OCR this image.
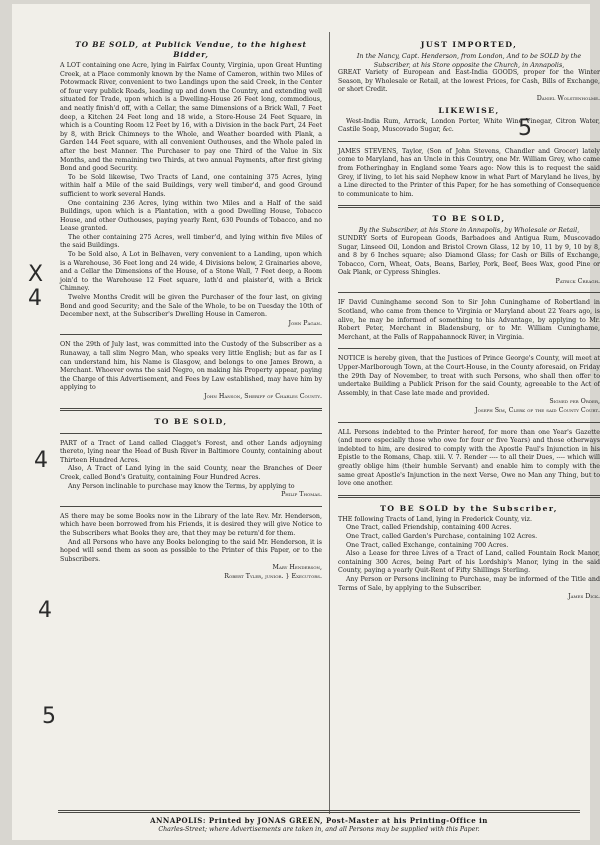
TO BE SOLD, at Publick Vendue, to the highest Bidder,

A LOT containing one Acre, lying in Fairfax County, Virginia, upon Great Hunting Creek, at a Place commonly known by the Name of Cameron, within two Miles of Potowmack River, convenient to two Landings upon the said Creek, in the Center of four very publick Roads, leading up and down the Country, and extending well situated for Trade, upon which is a Dwelling-House 26 Feet long, commodious, and neatly finish'd off, with a Cellar, the same Dimensions of a Brick Wall, 7 Feet deep, a Kitchen 24 Feet long and 18 wide, a Store-House 24 Feet Square, in which is a Counting Room 12 Feet by 16, with a Division in the back Part, 24 Feet by 8, with Brick Chimneys to the Whole, and Weather boarded with Plank, a Garden 144 Feet square, with all convenient Outhouses, and the Whole paled in after the best Manner. The Purchaser to pay one Third of the Value in Six Months, and the remaining two Thirds, at two annual Payments, after first giving Bond and good Security.

To be Sold likewise, Two Tracts of Land, one containing 375 Acres, lying within half a Mile of the said Buildings, very well timber'd, and good Ground sufficient to work several Hands.

One containing 236 Acres, lying within two Miles and a Half of the said Buildings, upon which is a Plantation, with a good Dwelling House, Tobacco House, and other Outhouses, paying yearly Rent, 630 Pounds of Tobacco, and no Lease granted.

The other containing 275 Acres, well timber'd, and lying within five Miles of the said Buildings.

To be Sold also, A Lot in Belhaven, very convenient to a Landing, upon which is a Warehouse, 36 Feet long and 24 wide, 4 Divisions below, 2 Grainaries above, and a Cellar the Dimensions of the House, of a Stone Wall, 7 Feet deep, a Room join'd to the Warehouse 12 Feet square, lath'd and plaister'd, with a Brick Chimney.

Twelve Months Credit will be given the Purchaser of the four last, on giving Bond and good Security; and the Sale of the Whole, to be on Tuesday the 10th of December next, at the Subscriber's Dwelling House in Cameron.

John Pagan.

ON the 29th of July last, was committed into the Custody of the Subscriber as a Runaway, a tall slim Negro Man, who speaks very little English; but as far as I can understand him, his Name is Glasgow, and belongs to one James Brown, a Merchant. Whoever owns the said Negro, on making his Property appear, paying the Charge of this Advertisement, and Fees by Law established, may have him by applying to

John Hanson, Sheriff of Charles County.
TO BE SOLD,

PART of a Tract of Land called Clagget's Forest, and other Lands adjoyning thereto, lying near the Head of Bush River in Baltimore County, containing about Thirteen Hundred Acres.

Also, A Tract of Land lying in the said County, near the Branches of Deer Creek, called Bond's Gratuity, containing Four Hundred Acres.

Any Person inclinable to purchase may know the Terms, by applying to

Philip Thomas.

AS there may be some Books now in the Library of the late Rev. Mr. Henderson, which have been borrowed from his Friends, it is desired they will give Notice to the Subscribers what Books they are, that they may be return'd for them.

And all Persons who have any Books belonging to the said Mr. Henderson, it is hoped will send them as soon as possible to the Printer of this Paper, or to the Subscribers.

Mary Henderson,
Robert Tyler, junior. } Executors.
JUST IMPORTED,
In the Nancy, Capt. Henderson, from London, And to be SOLD by the Subscriber, at his Store opposite the Church, in Annapolis,

GREAT Variety of European and East-India GOODS, proper for the Winter Season, by Wholesale or Retail, at the lowest Prices, for Cash, Bills of Exchange, or short Credit.

Daniel Wolstenholme.
LIKEWISE,

West-India Rum, Arrack, London Porter, White Wine Vinegar, Citron Water, Castile Soap, Muscovado Sugar, &c.

JAMES STEVENS, Taylor, (Son of John Stevens, Chandler and Grocer) lately come to Maryland, has an Uncle in this Country, one Mr. William Grey, who came from Fotheringhay in England some Years ago: Now this is to request the said Grey, if living, to let his said Nephew know in what Part of Maryland he lives, by a Line directed to the Printer of this Paper, for he has something of Consequence to communicate to him.

TO BE SOLD,
By the Subscriber, at his Store in Annapolis, by Wholesale or Retail,

SUNDRY Sorts of European Goods, Barbadoes and Antigua Rum, Muscovado Sugar, Linseed Oil, London and Bristol Crown Glass, 12 by 10, 11 by 9, 10 by 8, and 8 by 6 Inches square; also Diamond Glass; for Cash or Bills of Exchange, Tobacco, Corn, Wheat, Oats, Beans, Barley, Pork, Beef, Bees Wax, good Pine or Oak Plank, or Cypress Shingles.

Patrick Creagh.

IF David Cuninghame second Son to Sir John Cuninghame of Robertland in Scotland, who came from thence to Virginia or Maryland about 22 Years ago, is alive, he may be informed of something to his Advantage, by applying to Mr. Robert Peter, Merchant in Bladensburg, or to Mr. William Cuninghame, Merchant, at the Falls of Rappahannock River, in Virginia.

NOTICE is hereby given, that the Justices of Prince George's County, will meet at Upper-Marlborough Town, at the Court-House, in the County aforesaid, on Friday the 29th Day of November, to treat with such Persons, who shall then offer to undertake Building a Publick Prison for the said County, agreeable to the Act of Assembly, in that Case late made and provided.

Signed per Order,
Joseph Sim, Clerk of the said County Court.

ALL Persons indebted to the Printer hereof, for more than one Year's Gazette (and more especially those who owe for four or five Years) and those otherways indebted to him, are desired to comply with the Apostle Paul's Injunction in his Epistle to the Romans, Chap. xiii. V. 7. Render ---- to all their Dues, ---- which will greatly oblige him (their humble Servant) and enable him to comply with the same great Apostle's Injunction in the next Verse, Owe no Man any Thing, but to love one another.

TO BE SOLD by the Subscriber,

THE following Tracts of Land, lying in Frederick County, viz.

One Tract, called Friendship, containing 400 Acres.

One Tract, called Garden's Purchase, containing 102 Acres.

One Tract, called Exchange, containing 700 Acres.

Also a Lease for three Lives of a Tract of Land, called Fountain Rock Manor, containing 300 Acres, being Part of his Lordship's Manor, lying in the said County, paying a yearly Quit-Rent of Fifty Shillings Sterling.

Any Person or Persons inclining to Purchase, may be informed of the Title and Terms of Sale, by applying to the Subscriber.

James Dick.
X
4
4
4
5
5
ANNAPOLIS: Printed by JONAS GREEN, Post-Master at his Printing-Office in
Charles-Street; where Advertisements are taken in, and all Persons may be supplied with this Paper.
